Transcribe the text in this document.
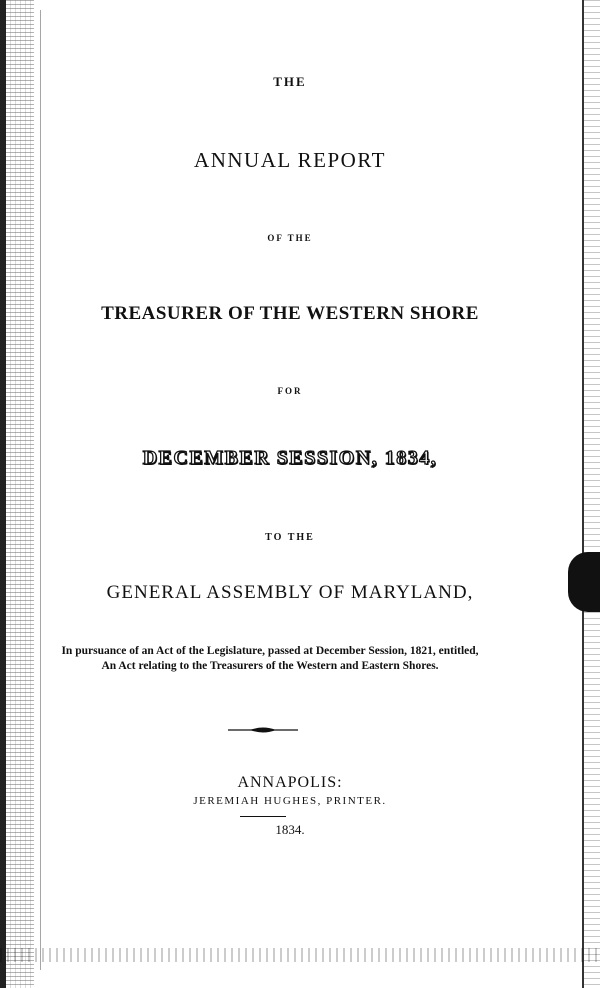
THE
ANNUAL REPORT
OF THE
TREASURER OF THE WESTERN SHORE
FOR
DECEMBER SESSION, 1834,
TO THE
GENERAL ASSEMBLY OF MARYLAND,
In pursuance of an Act of the Legislature, passed at December Session, 1821, entitled, An Act relating to the Treasurers of the Western and Eastern Shores.
ANNAPOLIS:
JEREMIAH HUGHES, PRINTER.
1834.
